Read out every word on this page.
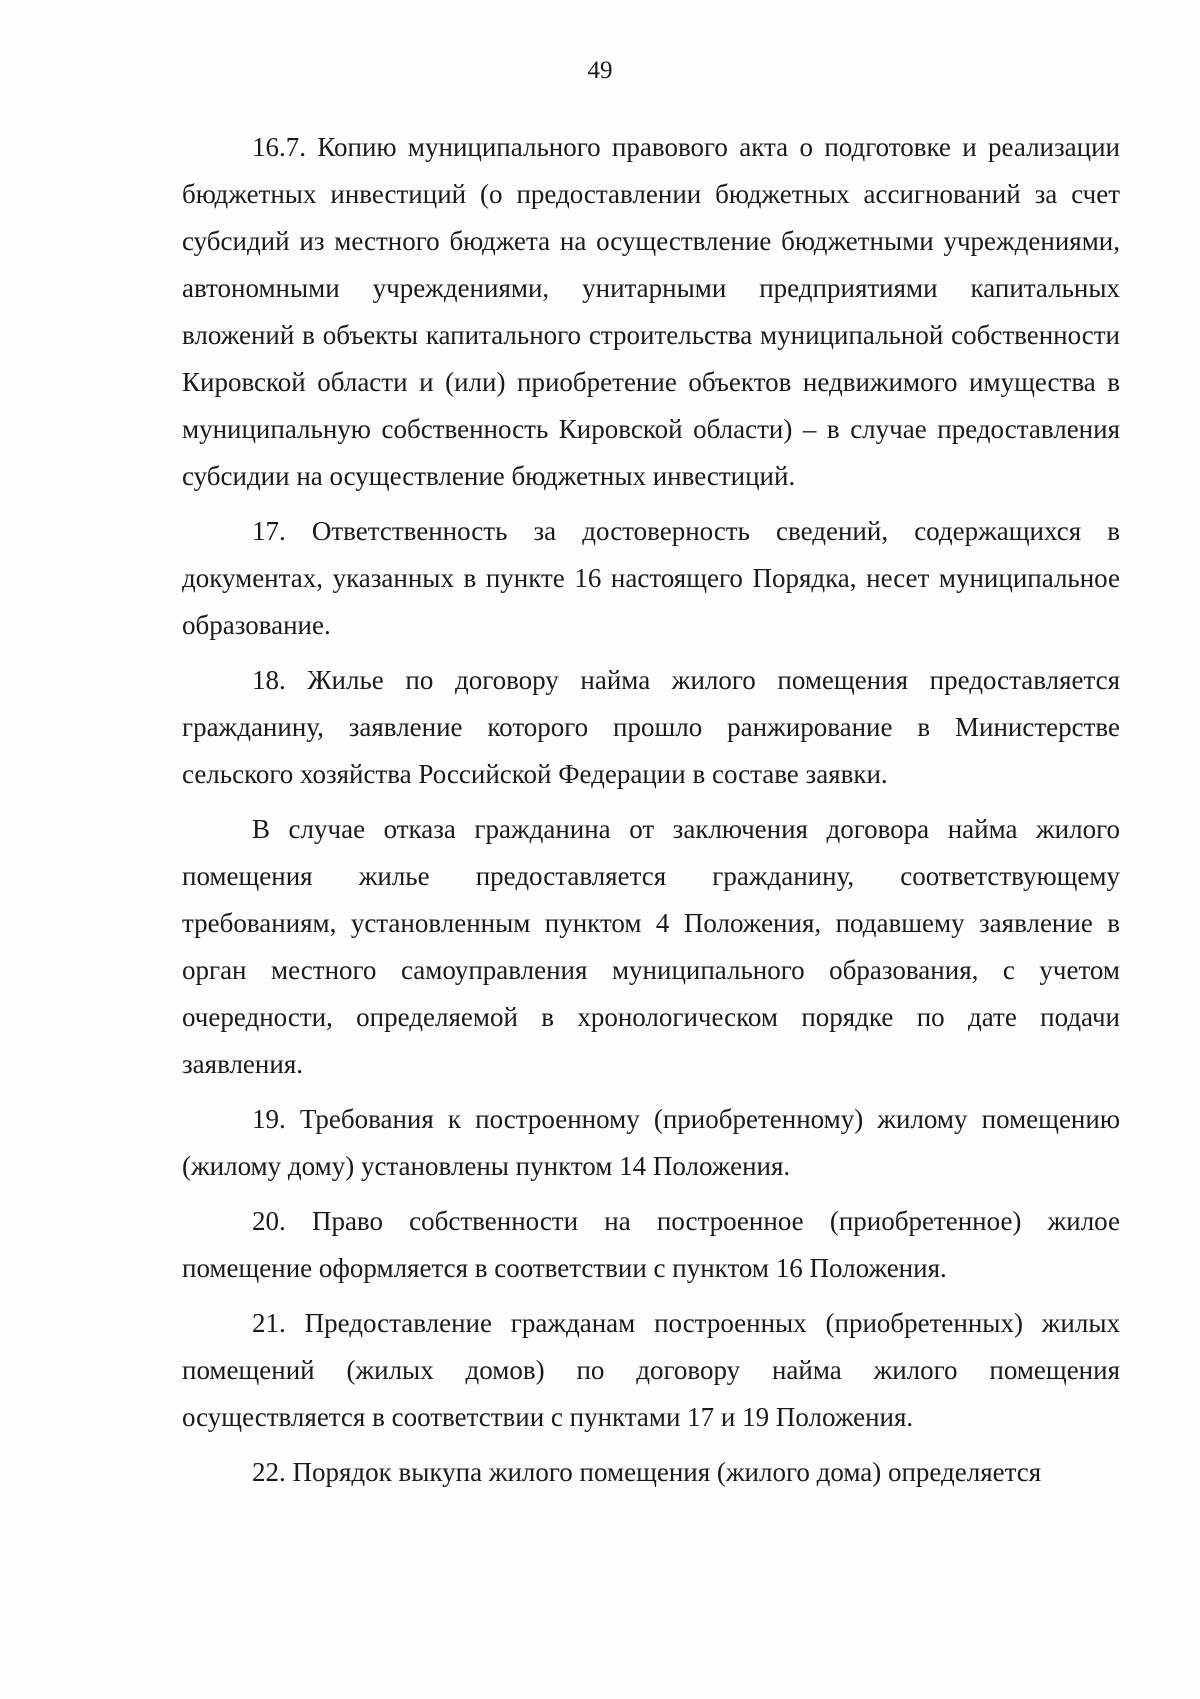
49

16.7. Копию муниципального правового акта о подготовке и реализации бюджетных инвестиций (о предоставлении бюджетных ассигнований за счет субсидий из местного бюджета на осуществление бюджетными учреждениями, автономными учреждениями, унитарными предприятиями капитальных вложений в объекты капитального строительства муниципальной собственности Кировской области и (или) приобретение объектов недвижимого имущества в муниципальную собственность Кировской области) – в случае предоставления субсидии на осуществление бюджетных инвестиций.

17. Ответственность за достоверность сведений, содержащихся в документах, указанных в пункте 16 настоящего Порядка, несет муниципальное образование.

18. Жилье по договору найма жилого помещения предоставляется гражданину, заявление которого прошло ранжирование в Министерстве сельского хозяйства Российской Федерации в составе заявки.

В случае отказа гражданина от заключения договора найма жилого помещения жилье предоставляется гражданину, соответствующему требованиям, установленным пунктом 4 Положения, подавшему заявление в орган местного самоуправления муниципального образования, с учетом очередности, определяемой в хронологическом порядке по дате подачи заявления.

19. Требования к построенному (приобретенному) жилому помещению (жилому дому) установлены пунктом 14 Положения.

20. Право собственности на построенное (приобретенное) жилое помещение оформляется в соответствии с пунктом 16 Положения.

21. Предоставление гражданам построенных (приобретенных) жилых помещений (жилых домов) по договору найма жилого помещения осуществляется в соответствии с пунктами 17 и 19 Положения.

22. Порядок выкупа жилого помещения (жилого дома) определяется
